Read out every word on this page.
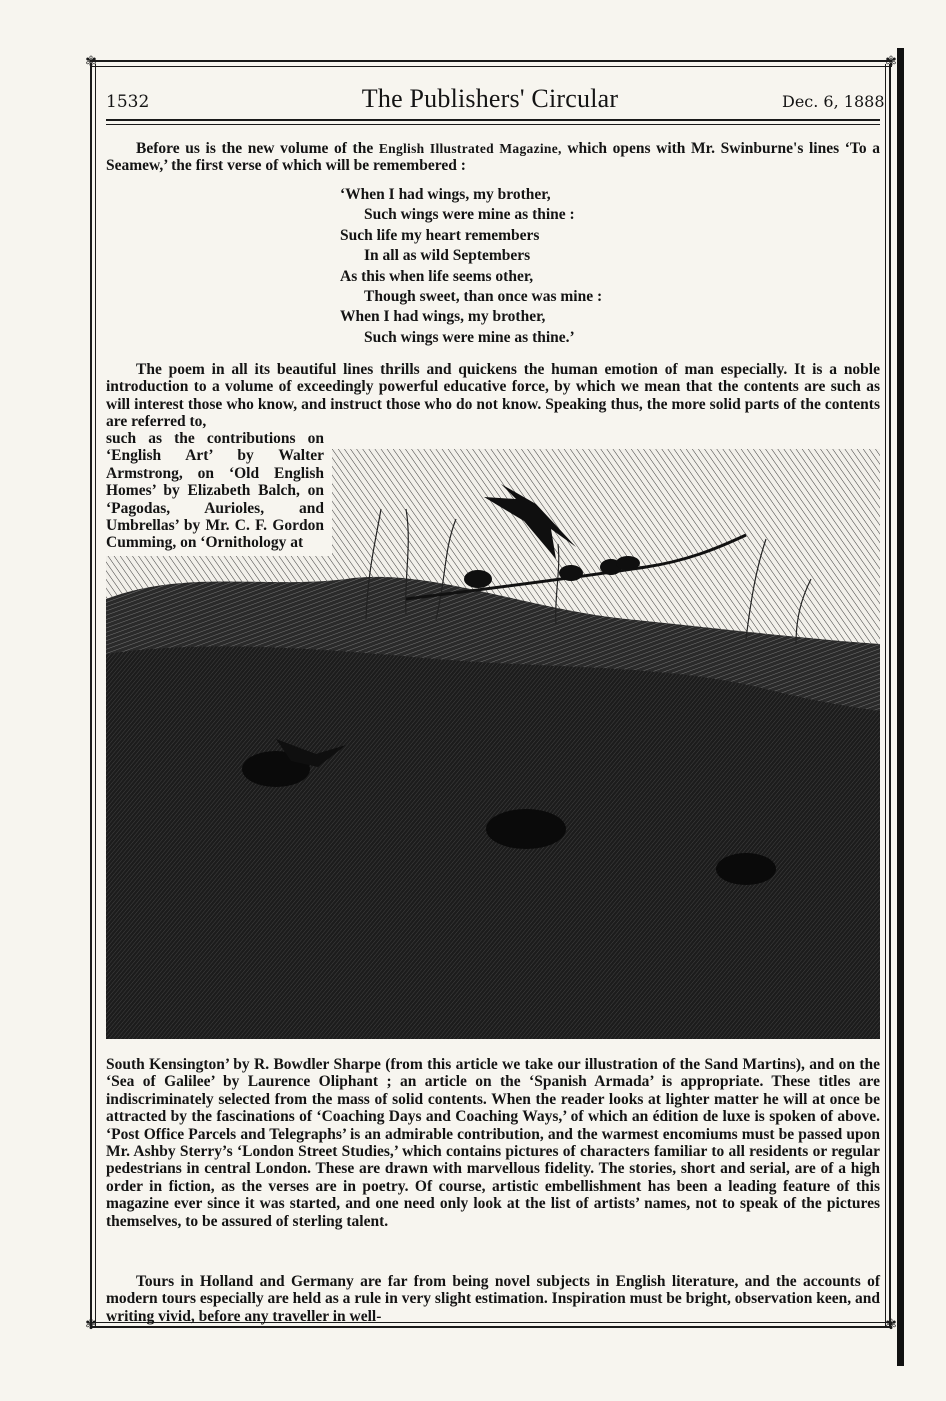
✾	✾
✾	✾
1532	The Publishers' Circular	Dec. 6, 1888

Before us is the new volume of the English Illustrated Magazine, which opens with Mr. Swinburne's lines ‘To a Seamew,’ the first verse of which will be remembered :

‘When I had wings, my brother,
Such wings were mine as thine :
Such life my heart remembers
In all as wild Septembers
As this when life seems other,
Though sweet, than once was mine :
When I had wings, my brother,
Such wings were mine as thine.’

The poem in all its beautiful lines thrills and quickens the human emotion of man especially. It is a noble introduction to a volume of exceedingly powerful educative force, by which we mean that the contents are such as will interest those who know, and instruct those who do not know. Speaking thus, the more solid parts of the contents are referred to,

such as the contributions on ‘English Art’ by Walter Armstrong, on ‘Old English Homes’ by Elizabeth Balch, on ‘Pagodas, Aurioles, and Umbrellas’ by Mr. C. F. Gordon Cumming, on ‘Ornithology at

South Kensington’ by R. Bowdler Sharpe (from this article we take our illustration of the Sand Martins), and on the ‘Sea of Galilee’ by Laurence Oliphant ; an article on the ‘Spanish Armada’ is appropriate. These titles are indiscriminately selected from the mass of solid contents. When the reader looks at lighter matter he will at once be attracted by the fascinations of ‘Coaching Days and Coaching Ways,’ of which an édition de luxe is spoken of above. ‘Post Office Parcels and Telegraphs’ is an admirable contribution, and the warmest encomiums must be passed upon Mr. Ashby Sterry’s ‘London Street Studies,’ which contains pictures of characters familiar to all residents or regular pedestrians in central London. These are drawn with marvellous fidelity. The stories, short and serial, are of a high order in fiction, as the verses are in poetry. Of course, artistic embellishment has been a leading feature of this magazine ever since it was started, and one need only look at the list of artists’ names, not to speak of the pictures themselves, to be assured of sterling talent.

Tours in Holland and Germany are far from being novel subjects in English literature, and the accounts of modern tours especially are held as a rule in very slight estimation. Inspiration must be bright, observation keen, and writing vivid, before any traveller in well-
